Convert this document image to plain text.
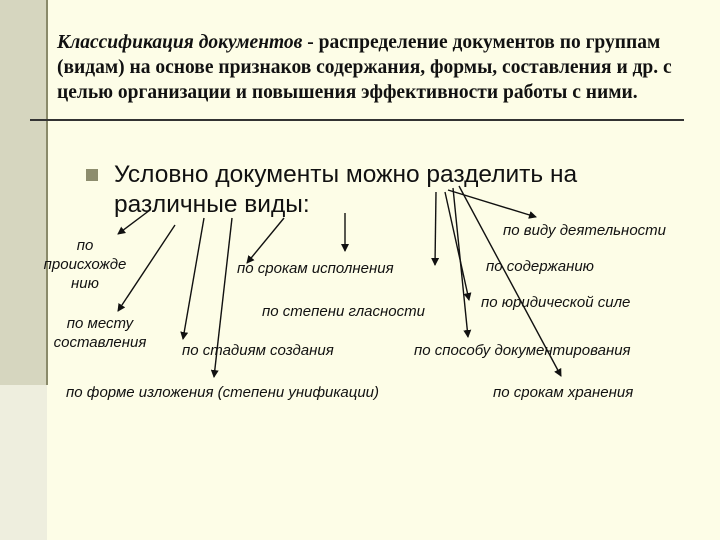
Классификация документов - распределение документов по группам (видам) на основе признаков содержания, формы, составления и др. с целью организации и повышения эффективности работы с ними.

Условно документы можно разделить на
различные виды:
по
происхожде
нию
по месту
составления
по срокам исполнения
по степени гласности
по стадиям создания
по форме изложения (степени унификации)
по виду деятельности
по содержанию
по юридической силе
по способу документирования
по срокам хранения
